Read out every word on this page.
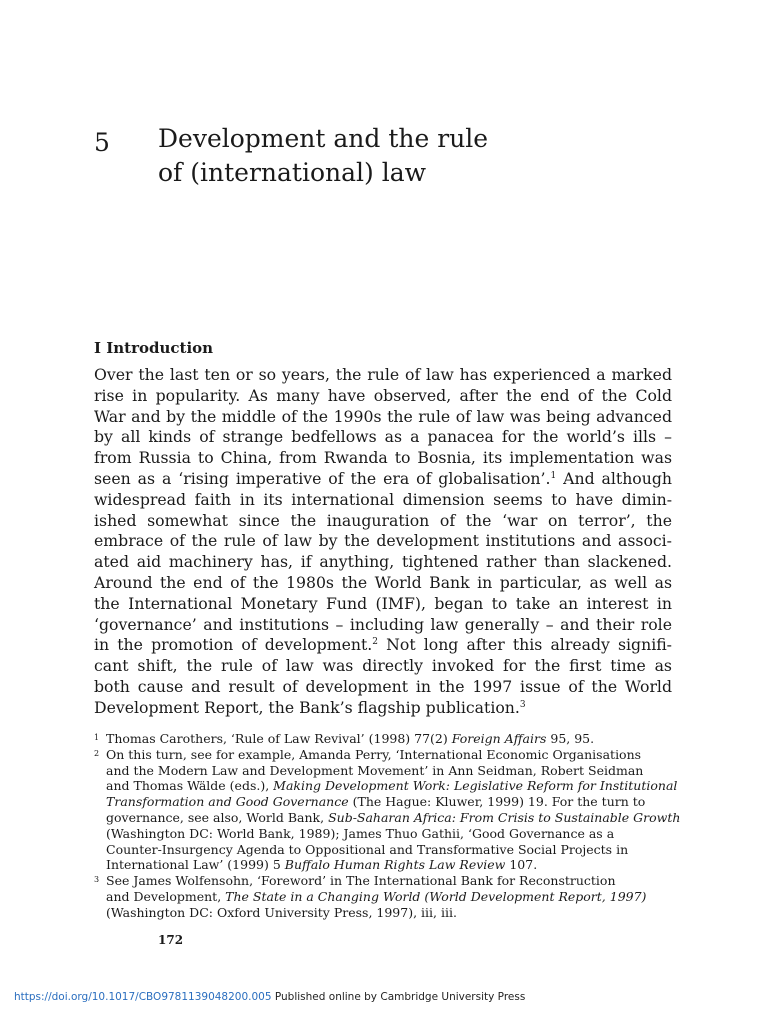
5 Development and the rule
of (international) law
I Introduction
Over the last ten or so years, the rule of law has experienced a marked
rise in popularity. As many have observed, after the end of the Cold
War and by the middle of the 1990s the rule of law was being advanced
by all kinds of strange bedfellows as a panacea for the world’s ills –
from Russia to China, from Rwanda to Bosnia, its implementation was
seen as a ‘rising imperative of the era of globalisation’.$^1$ And although
widespread faith in its international dimension seems to have dimin-
ished somewhat since the inauguration of the ‘war on terror’, the
embrace of the rule of law by the development institutions and associ-
ated aid machinery has, if anything, tightened rather than slackened.
Around the end of the 1980s the World Bank in particular, as well as
the International Monetary Fund (IMF), began to take an interest in
‘governance’ and institutions – including law generally – and their role
in the promotion of development.$^2$ Not long after this already signifi-
cant shift, the rule of law was directly invoked for the first time as
both cause and result of development in the 1997 issue of the World
Development Report, the Bank’s flagship publication.$^3$
1 Thomas Carothers, ‘Rule of Law Revival’ (1998) 77(2) Foreign Affairs 95, 95.
2 On this turn, see for example, Amanda Perry, ‘International Economic Organisations
and the Modern Law and Development Movement’ in Ann Seidman, Robert Seidman
and Thomas Wälde (eds.), Making Development Work: Legislative Reform for Institutional
Transformation and Good Governance (The Hague: Kluwer, 1999) 19. For the turn to
governance, see also, World Bank, Sub-Saharan Africa: From Crisis to Sustainable Growth
(Washington DC: World Bank, 1989); James Thuo Gathii, ‘Good Governance as a
Counter-Insurgency Agenda to Oppositional and Transformative Social Projects in
International Law’ (1999) 5 Buffalo Human Rights Law Review 107.
3 See James Wolfensohn, ‘Foreword’ in The International Bank for Reconstruction
and Development, The State in a Changing World (World Development Report, 1997)
(Washington DC: Oxford University Press, 1997), iii, iii.
172
https://doi.org/10.1017/CBO9781139048200.005 Published online by Cambridge University Press
